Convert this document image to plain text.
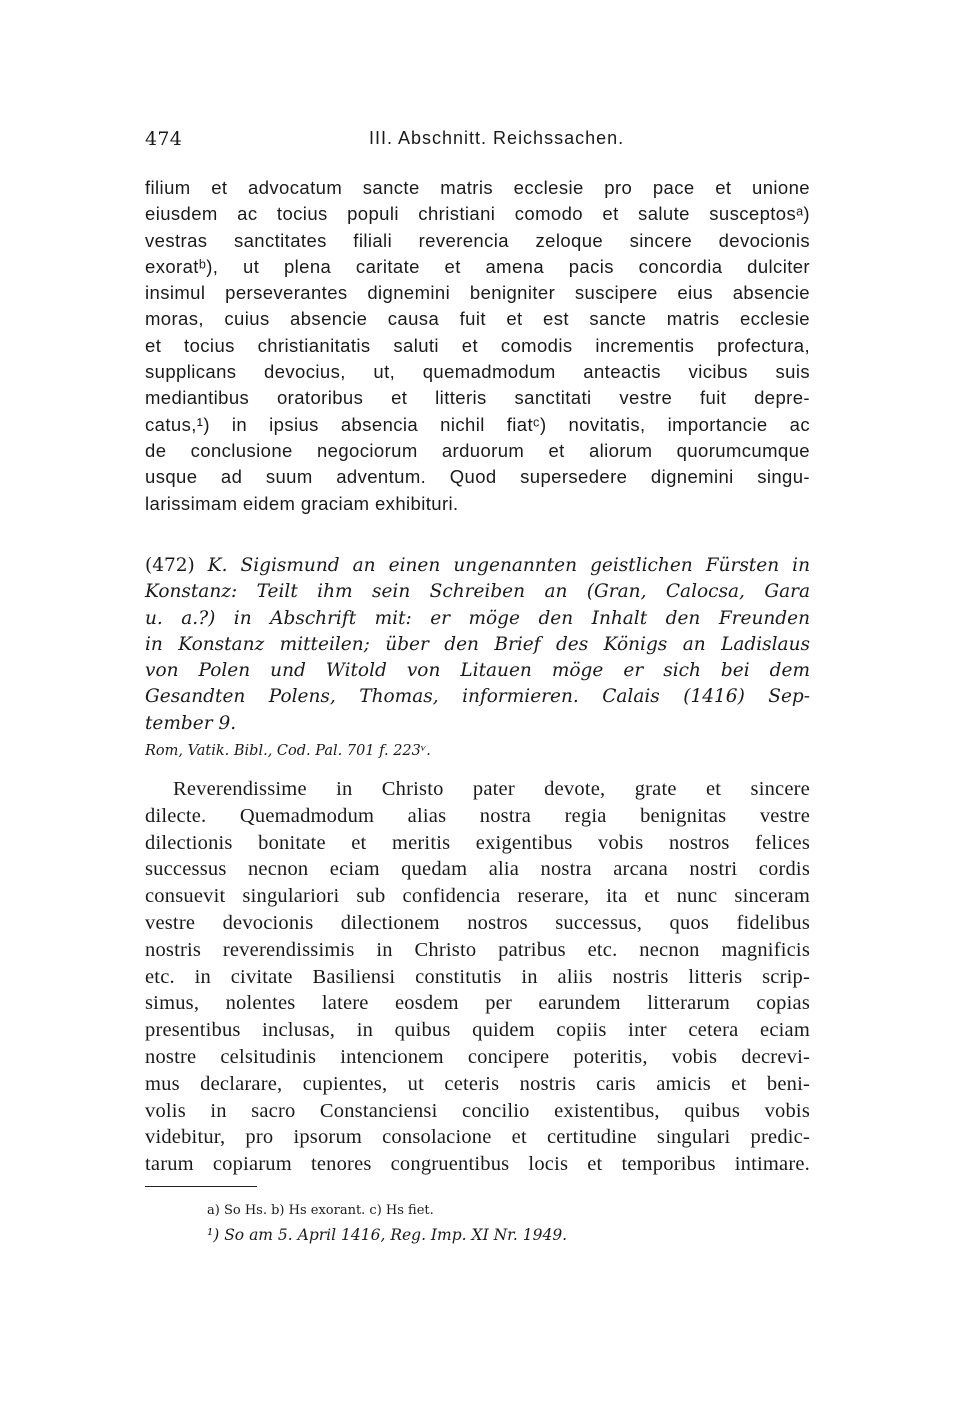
474	III. Abschnitt. Reichssachen.
filium et advocatum sancte matris ecclesie pro pace et unione
eiusdem ac tocius populi christiani comodo et salute susceptosᵃ)
vestras sanctitates filiali reverencia zeloque sincere devocionis
exoratᵇ), ut plena caritate et amena pacis concordia dulciter
insimul perseverantes dignemini benigniter suscipere eius absencie
moras, cuius absencie causa fuit et est sancte matris ecclesie
et tocius christianitatis saluti et comodis incrementis profectura,
supplicans devocius, ut, quemadmodum anteactis vicibus suis
mediantibus oratoribus et litteris sanctitati vestre fuit depre-
catus,¹) in ipsius absencia nichil fiatᶜ) novitatis, importancie ac
de conclusione negociorum arduorum et aliorum quorumcumque
usque ad suum adventum. Quod supersedere dignemini singu-
larissimam eidem graciam exhibituri.
(472) K. Sigismund an einen ungenannten geistlichen Fürsten in
Konstanz: Teilt ihm sein Schreiben an (Gran, Calocsa, Gara
u. a.?) in Abschrift mit: er möge den Inhalt den Freunden
in Konstanz mitteilen; über den Brief des Königs an Ladislaus
von Polen und Witold von Litauen möge er sich bei dem
Gesandten Polens, Thomas, informieren. Calais (1416) Sep-
tember 9.
Rom, Vatik. Bibl., Cod. Pal. 701 f. 223ᵛ.
Reverendissime in Christo pater devote, grate et sincere
dilecte. Quemadmodum alias nostra regia benignitas vestre
dilectionis bonitate et meritis exigentibus vobis nostros felices
successus necnon eciam quedam alia nostra arcana nostri cordis
consuevit singulariori sub confidencia reserare, ita et nunc sinceram
vestre devocionis dilectionem nostros successus, quos fidelibus
nostris reverendissimis in Christo patribus etc. necnon magnificis
etc. in civitate Basiliensi constitutis in aliis nostris litteris scrip-
simus, nolentes latere eosdem per earundem litterarum copias
presentibus inclusas, in quibus quidem copiis inter cetera eciam
nostre celsitudinis intencionem concipere poteritis, vobis decrevi-
mus declarare, cupientes, ut ceteris nostris caris amicis et beni-
volis in sacro Constanciensi concilio existentibus, quibus vobis
videbitur, pro ipsorum consolacione et certitudine singulari predic-
tarum copiarum tenores congruentibus locis et temporibus intimare.
a) So Hs. b) Hs exorant. c) Hs fiet.
¹) So am 5. April 1416, Reg. Imp. XI Nr. 1949.
